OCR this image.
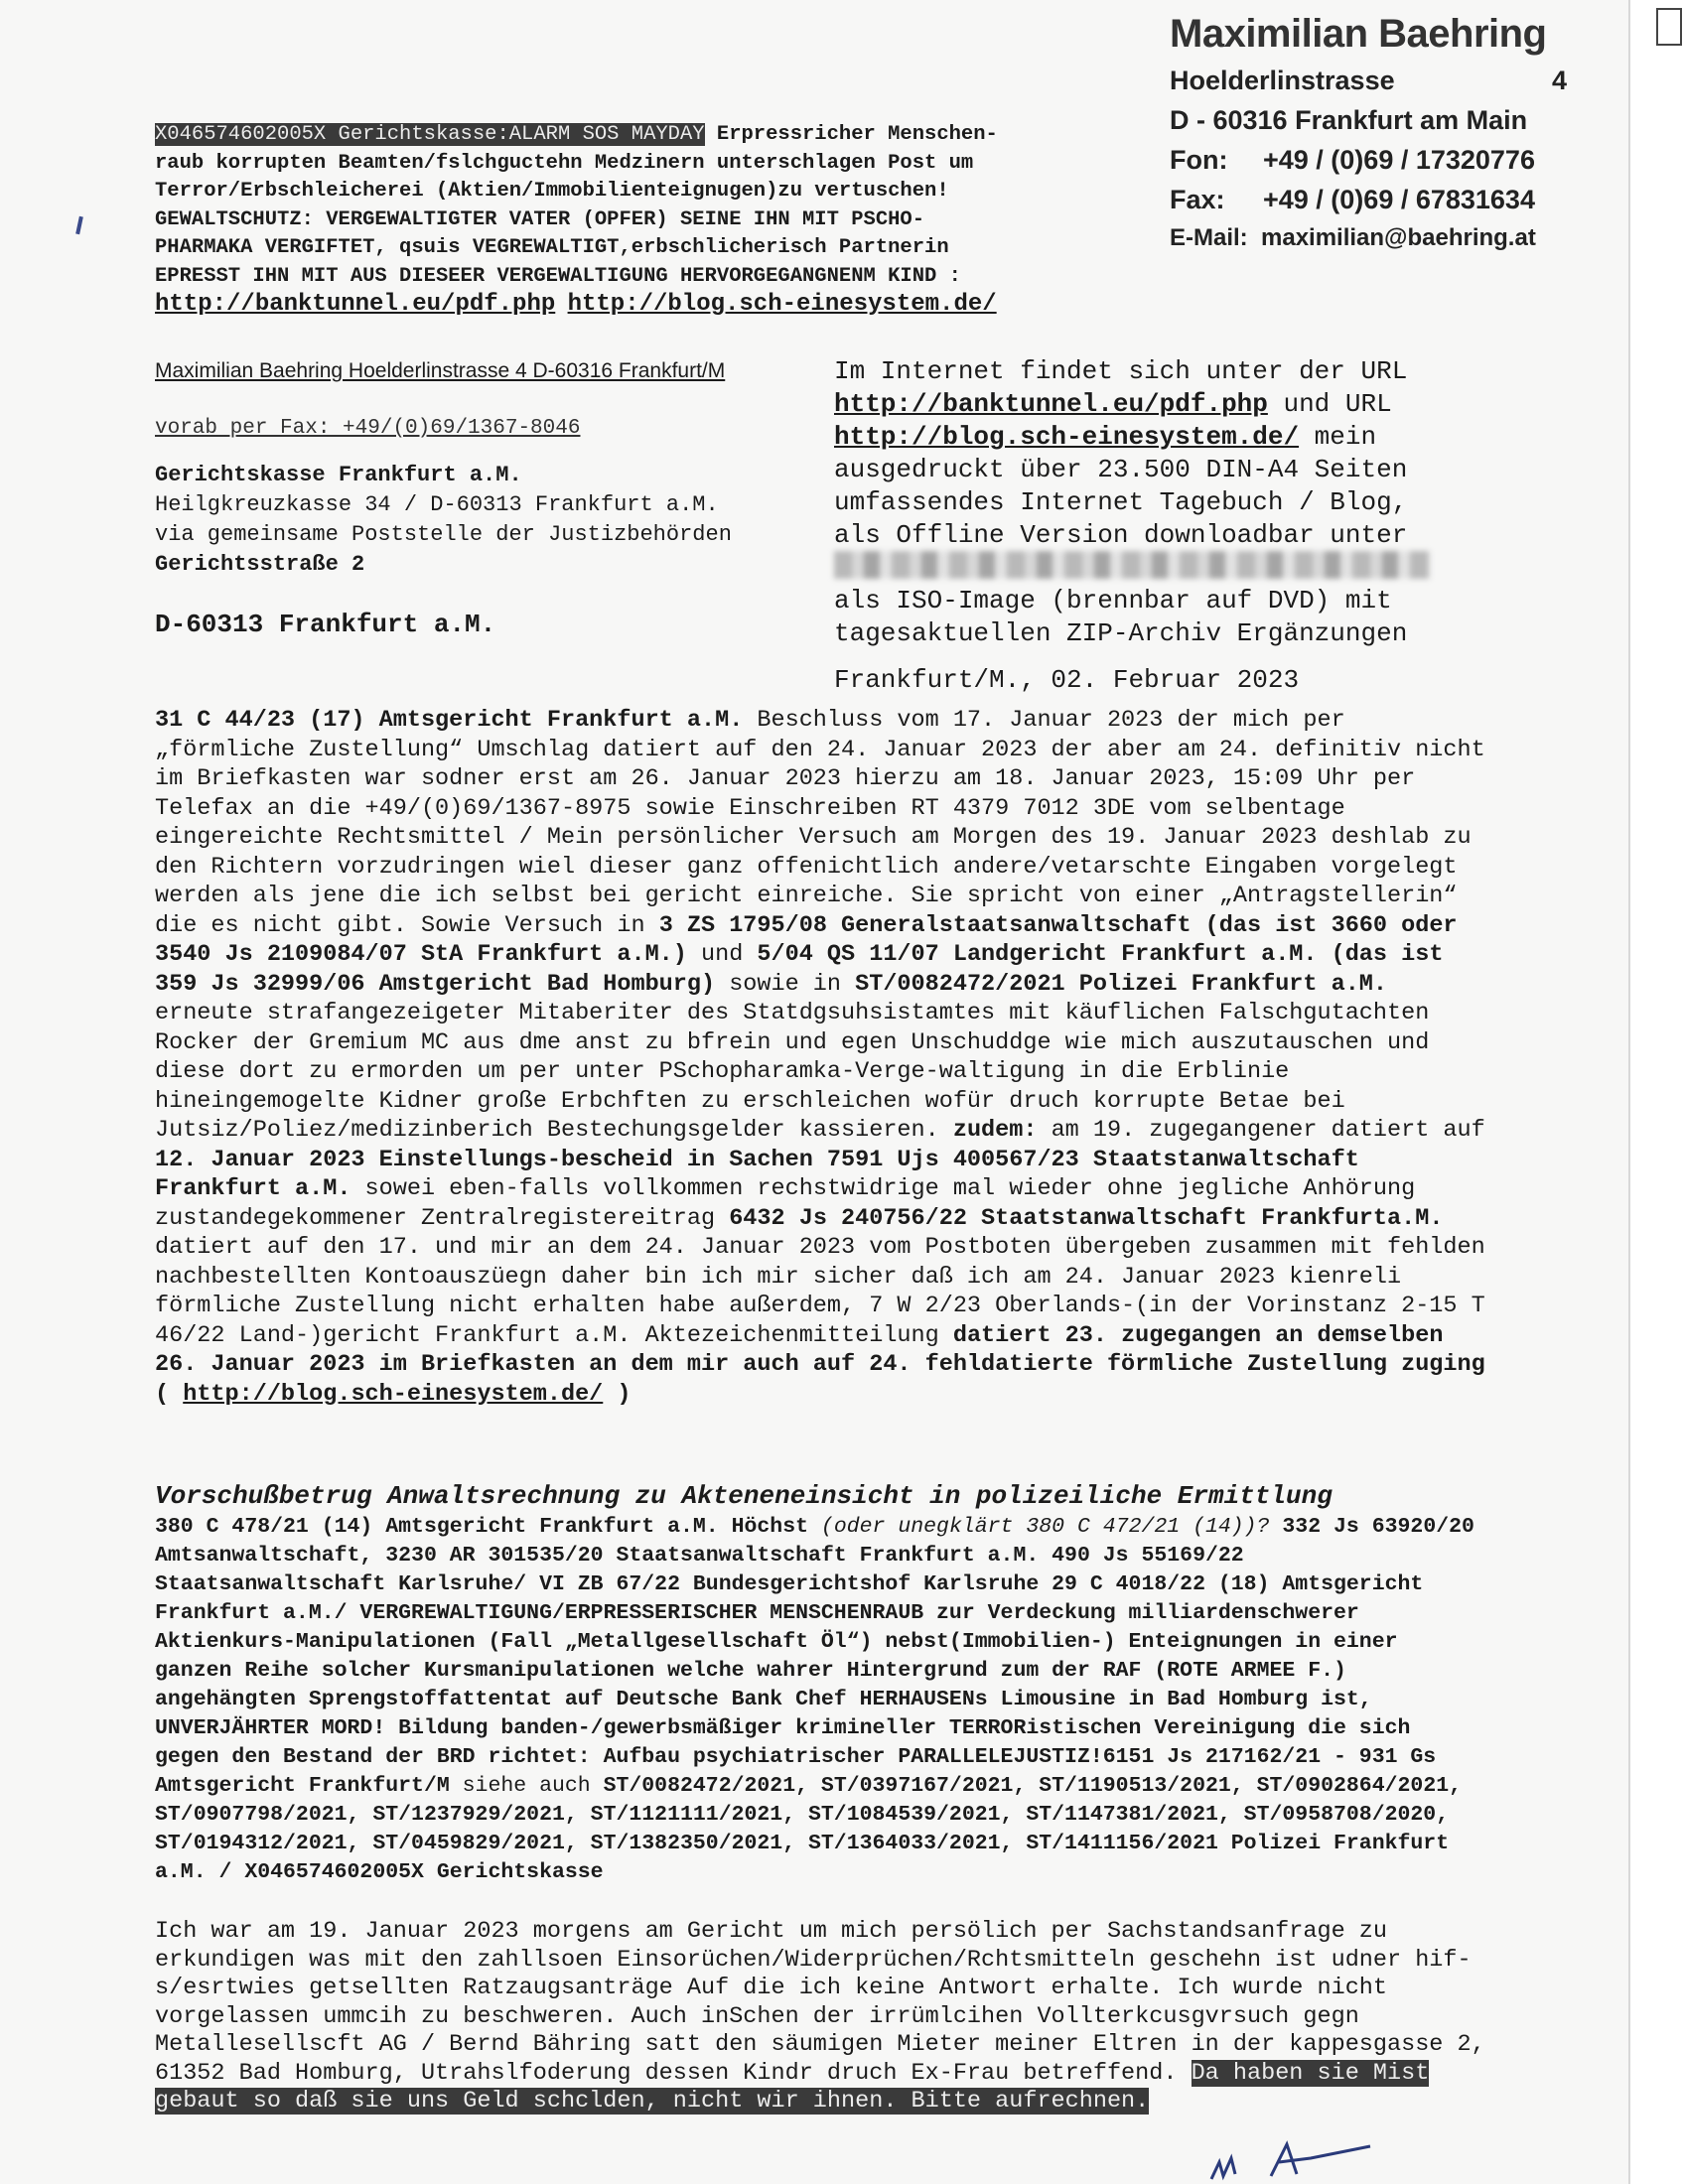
Maximilian Baehring
Hoelderlinstrasse	4
D - 60316 Frankfurt am Main
Fon:	+49 / (0)69 / 17320776
Fax:	+49 / (0)69 / 67831634
E-Mail: maximilian@baehring.at
X046574602005X Gerichtskasse:ALARM SOS MAYDAY Erpressricher Menschen-
raub korrupten Beamten/fslchguctehn Medzinern unterschlagen Post um
Terror/Erbschleicherei (Aktien/Immobilienteignugen)zu vertuschen!
GEWALTSCHUTZ: VERGEWALTIGTER VATER (OPFER) SEINE IHN MIT PSCHO-
PHARMAKA VERGIFTET, qsuis VEGREWALTIGT,erbschlicherisch Partnerin
EPRESST IHN MIT AUS DIESEER VERGEWALTIGUNG HERVORGEGANGNENM KIND :
http://banktunnel.eu/pdf.php http://blog.sch-einesystem.de/
Maximilian Baehring Hoelderlinstrasse 4 D-60316 Frankfurt/M
vorab per Fax: +49/(0)69/1367-8046
Gerichtskasse Frankfurt a.M.
Heilgkreuzkasse 34 / D-60313 Frankfurt a.M.
via gemeinsame Poststelle der Justizbehörden
Gerichtsstraße 2
D-60313 Frankfurt a.M.
Im Internet findet sich unter der URL
http://banktunnel.eu/pdf.php und URL
http://blog.sch-einesystem.de/ mein
ausgedruckt über 23.500 DIN-A4 Seiten
umfassendes Internet Tagebuch / Blog,
als Offline Version downloadbar unter
als ISO-Image (brennbar auf DVD) mit
tagesaktuellen ZIP-Archiv Ergänzungen
Frankfurt/M., 02. Februar 2023

31 C 44/23 (17) Amtsgericht Frankfurt a.M. Beschluss vom 17. Januar 2023 der mich per „förmliche Zustellung“ Umschlag datiert auf den 24. Januar 2023 der aber am 24. definitiv nicht im Briefkasten war sodner erst am 26. Januar 2023 hierzu am 18. Januar 2023, 15:09 Uhr per Telefax an die +49/(0)69/1367-8975 sowie Einschreiben RT 4379 7012 3DE vom selbentage eingereichte Rechtsmittel / Mein persönlicher Versuch am Morgen des 19. Januar 2023 deshlab zu den Richtern vorzudringen wiel dieser ganz offenichtlich andere/vetarschte Eingaben vorgelegt werden als jene die ich selbst bei gericht einreiche. Sie spricht von einer „Antragstellerin“ die es nicht gibt. Sowie Versuch in 3 ZS 1795/08 Generalstaatsanwaltschaft (das ist 3660 oder 3540 Js 2109084/07 StA Frankfurt a.M.) und 5/04 QS 11/07 Landgericht Frankfurt a.M. (das ist 359 Js 32999/06 Amstgericht Bad Homburg) sowie in ST/0082472/2021 Polizei Frankfurt a.M. erneute strafangezeigeter Mitaberiter des Statdgsuhsistamtes mit käuflichen Falschgutachten Rocker der Gremium MC aus dme anst zu bfrein und egen Unschuddge wie mich auszutauschen und diese dort zu ermorden um per unter PSchopharamka-Verge-waltigung in die Erblinie hineingemogelte Kidner große Erbchften zu erschleichen wofür druch korrupte Betae bei Jutsiz/Poliez/medizinberich Bestechungsgelder kassieren. zudem: am 19. zugegangener datiert auf 12. Januar 2023 Einstellungs-bescheid in Sachen 7591 Ujs 400567/23 Staatstanwaltschaft Frankfurt a.M. sowei eben-falls vollkommen rechstwidrige mal wieder ohne jegliche Anhörung zustandegekommener Zentralregistereitrag 6432 Js 240756/22 Staatstanwaltschaft Frankfurta.M. datiert auf den 17. und mir an dem 24. Januar 2023 vom Postboten übergeben zusammen mit fehlden nachbestellten Kontoauszüegn daher bin ich mir sicher daß ich am 24. Januar 2023 kienreli förmliche Zustellung nicht erhalten habe außerdem, 7 W 2/23 Oberlands-(in der Vorinstanz 2-15 T 46/22 Land-)gericht Frankfurt a.M. Aktezeichenmitteilung datiert 23. zugegangen an demselben 26. Januar 2023 im Briefkasten an dem mir auch auf 24. fehldatierte förmliche Zustellung zuging ( http://blog.sch-einesystem.de/ )

Vorschußbetrug Anwaltsrechnung zu Akteneneinsicht in polizeiliche Ermittlung
380 C 478/21 (14) Amtsgericht Frankfurt a.M. Höchst (oder unegklärt 380 C 472/21 (14))? 332 Js 63920/20 Amtsanwaltschaft, 3230 AR 301535/20 Staatsanwaltschaft Frankfurt a.M. 490 Js 55169/22 Staatsanwaltschaft Karlsruhe/ VI ZB 67/22 Bundesgerichtshof Karlsruhe 29 C 4018/22 (18) Amtsgericht Frankfurt a.M./ VERGREWALTIGUNG/ERPRESSERISCHER MENSCHENRAUB zur Verdeckung milliardenschwerer Aktienkurs-Manipulationen (Fall „Metallgesellschaft Öl“) nebst(Immobilien-) Enteignungen in einer ganzen Reihe solcher Kursmanipulationen welche wahrer Hintergrund zum der RAF (ROTE ARMEE F.) angehängten Sprengstoffattentat auf Deutsche Bank Chef HERHAUSENs Limousine in Bad Homburg ist, UNVERJÄHRTER MORD! Bildung banden-/gewerbsmäßiger krimineller TERRORistischen Vereinigung die sich gegen den Bestand der BRD richtet: Aufbau psychiatrischer PARALLELEJUSTIZ!6151 Js 217162/21 - 931 Gs Amtsgericht Frankfurt/M siehe auch ST/0082472/2021, ST/0397167/2021, ST/1190513/2021, ST/0902864/2021, ST/0907798/2021, ST/1237929/2021, ST/1121111/2021, ST/1084539/2021, ST/1147381/2021, ST/0958708/2020, ST/0194312/2021, ST/0459829/2021, ST/1382350/2021, ST/1364033/2021, ST/1411156/2021 Polizei Frankfurt a.M. / X046574602005X Gerichtskasse
Ich war am 19. Januar 2023 morgens am Gericht um mich persölich per Sachstandsanfrage zu erkundigen was mit den zahllsoen Einsorüchen/Widerprüchen/Rchtsmitteln geschehn ist udner hif-s/esrtwies getsellten Ratzaugsanträge Auf die ich keine Antwort erhalte. Ich wurde nicht vorgelassen ummcih zu beschweren. Auch inSchen der irrümlcihen Vollterkcusgvrsuch gegn Metallesellscft AG / Bernd Bähring satt den säumigen Mieter meiner Eltren in der kappesgasse 2, 61352 Bad Homburg, Utrahslfoderung dessen Kindr druch Ex-Frau betreffend. Da haben sie Mist gebaut so daß sie uns Geld schclden, nicht wir ihnen. Bitte aufrechnen.
